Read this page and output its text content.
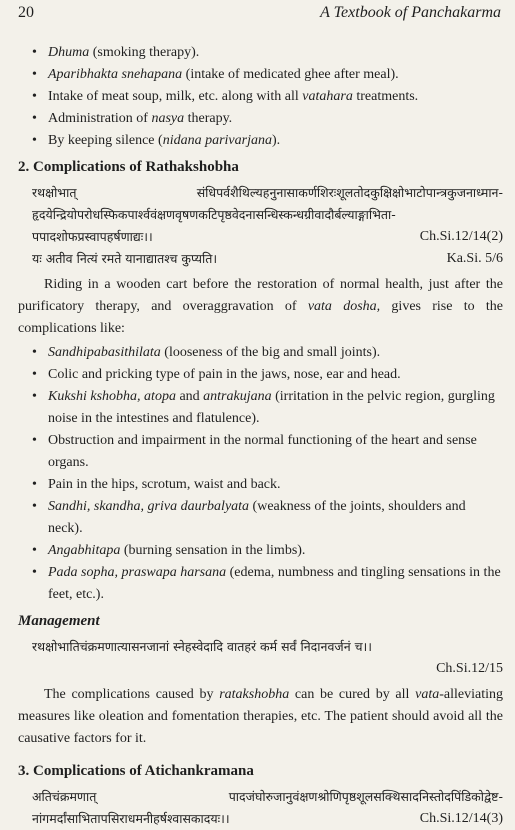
20	A Textbook of Panchakarma
• Dhuma (smoking therapy).
• Aparibhakta snehapana (intake of medicated ghee after meal).
• Intake of meat soup, milk, etc. along with all vatahara treatments.
• Administration of nasya therapy.
• By keeping silence (nidana parivarjana).
2. Complications of Rathakshobha
रथक्षोभात्	संधिपर्वशैथिल्यहनुनासाकर्णशिरःशूलतोदकुक्षिक्षोभाटोपान्त्रकुजनाध्मान-
हृदयेन्द्रियोपरोधस्फिकपार्श्ववंक्षणवृषणकटिपृष्ठवेदनासन्धिस्कन्धग्रीवादौर्बल्याङ्गाभिता-
पपादशोफप्रस्वापहर्षणाद्यः।।	Ch.Si.12/14(2)
यः अतीव नित्यं रमते यानाद्यातश्च कुप्यति।	Ka.Si. 5/6

Riding in a wooden cart before the restoration of normal health, just after the purificatory therapy, and overaggravation of vata dosha, gives rise to the complications like:

• Sandhipabasithilata (looseness of the big and small joints).
• Colic and pricking type of pain in the jaws, nose, ear and head.
• Kukshi kshobha, atopa and antrakujana (irritation in the pelvic region, gurgling noise in the intestines and flatulence).
• Obstruction and impairment in the normal functioning of the heart and sense organs.
• Pain in the hips, scrotum, waist and back.
• Sandhi, skandha, griva daurbalyata (weakness of the joints, shoulders and neck).
• Angabhitapa (burning sensation in the limbs).
• Pada sopha, praswapa harsana (edema, numbness and tingling sensations in the feet, etc.).
Management
रथक्षोभातिचंक्रमणात्यासनजानां स्नेहस्वेदादि वातहरं कर्म सर्वं निदानवर्जनं च।।
Ch.Si.12/15

The complications caused by ratakshobha can be cured by all vata-alleviating measures like oleation and fomentation therapies, etc. The patient should avoid all the causative factors for it.

3. Complications of Atichankramana
अतिचंक्रमणात्	पादजंघोरुजानुवंक्षणश्रोणिपृष्ठशूलसक्थिसादनिस्तोदपिंडिकोद्वेष्ट-
नांगमर्दांसाभितापसिराधमनीहर्षश्वासकादयः।।	Ch.Si.12/14(3)
